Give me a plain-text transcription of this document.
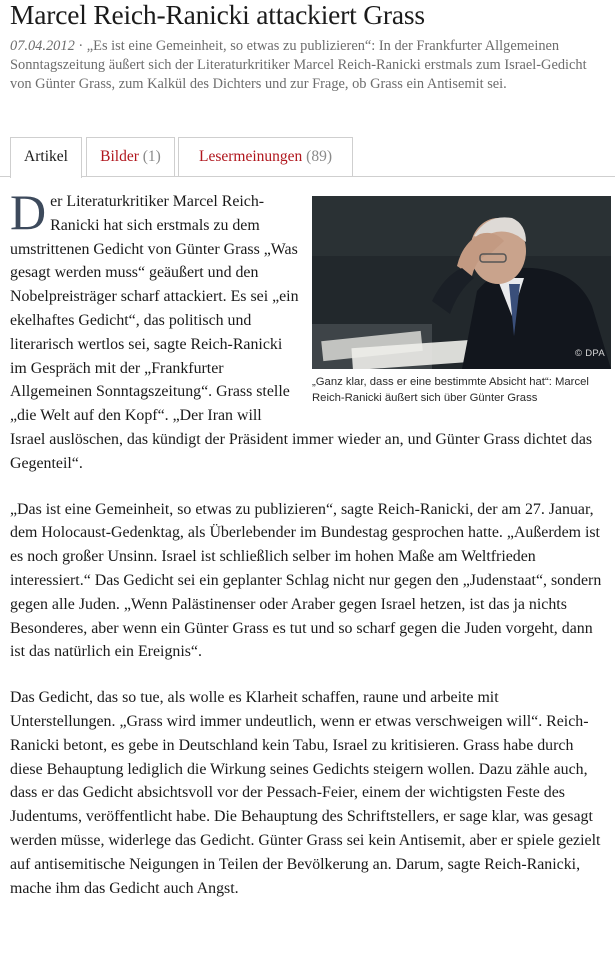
Marcel Reich-Ranicki attackiert Grass

07.04.2012 · „Es ist eine Gemeinheit, so etwas zu publizieren“: In der Frankfurter Allgemeinen Sonntagszeitung äußert sich der Literaturkritiker Marcel Reich-Ranicki erstmals zum Israel-Gedicht von Günter Grass, zum Kalkül des Dichters und zur Frage, ob Grass ein Antisemit sei.

Artikel	Bilder (1)	Lesermeinungen (89)
© DPA
„Ganz klar, dass er eine bestimmte Absicht hat“: Marcel Reich-Ranicki äußert sich über Günter Grass

Der Literaturkritiker Marcel Reich-Ranicki hat sich erstmals zu dem umstrittenen Gedicht von Günter Grass „Was gesagt werden muss“ geäußert und den Nobelpreisträger scharf attackiert. Es sei „ein ekelhaftes Gedicht“, das politisch und literarisch wertlos sei, sagte Reich-Ranicki im Gespräch mit der „Frankfurter Allgemeinen Sonntagszeitung“. Grass stelle „die Welt auf den Kopf“. „Der Iran will Israel auslöschen, das kündigt der Präsident immer wieder an, und Günter Grass dichtet das Gegenteil“.

„Das ist eine Gemeinheit, so etwas zu publizieren“, sagte Reich-Ranicki, der am 27. Januar, dem Holocaust-Gedenktag, als Überlebender im Bundestag gesprochen hatte. „Außerdem ist es noch großer Unsinn. Israel ist schließlich selber im hohen Maße am Weltfrieden interessiert.“ Das Gedicht sei ein geplanter Schlag nicht nur gegen den „Judenstaat“, sondern gegen alle Juden. „Wenn Palästinenser oder Araber gegen Israel hetzen, ist das ja nichts Besonderes, aber wenn ein Günter Grass es tut und so scharf gegen die Juden vorgeht, dann ist das natürlich ein Ereignis“.

Das Gedicht, das so tue, als wolle es Klarheit schaffen, raune und arbeite mit Unterstellungen. „Grass wird immer undeutlich, wenn er etwas verschweigen will“. Reich-Ranicki betont, es gebe in Deutschland kein Tabu, Israel zu kritisieren. Grass habe durch diese Behauptung lediglich die Wirkung seines Gedichts steigern wollen. Dazu zähle auch, dass er das Gedicht absichtsvoll vor der Pessach-Feier, einem der wichtigsten Feste des Judentums, veröffentlicht habe. Die Behauptung des Schriftstellers, er sage klar, was gesagt werden müsse, widerlege das Gedicht. Günter Grass sei kein Antisemit, aber er spiele gezielt auf antisemitische Neigungen in Teilen der Bevölkerung an. Darum, sagte Reich-Ranicki, mache ihm das Gedicht auch Angst.
